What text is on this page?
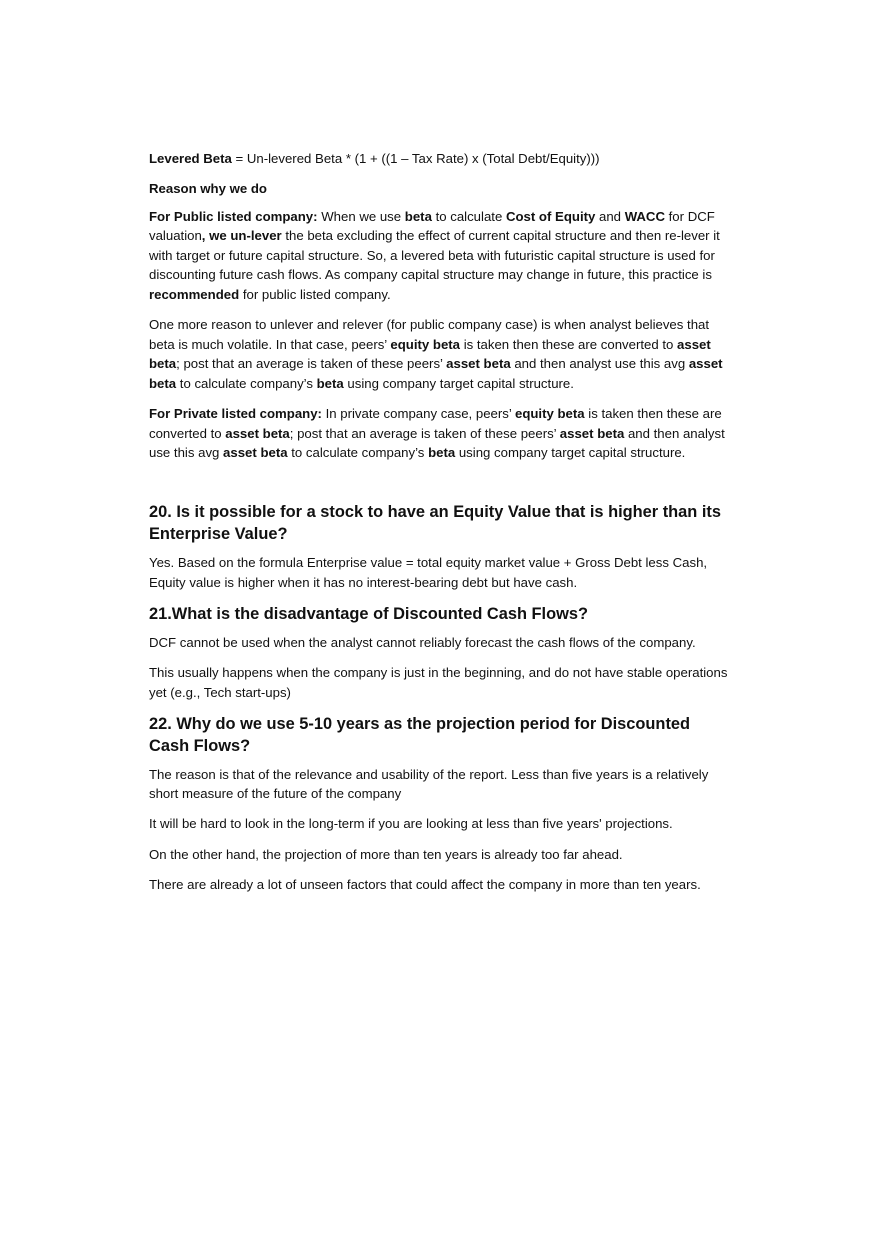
Levered Beta = Un-levered Beta * (1 + ((1 – Tax Rate) x (Total Debt/Equity)))

Reason why we do

For Public listed company: When we use beta to calculate Cost of Equity and WACC for DCF valuation, we un-lever the beta excluding the effect of current capital structure and then re-lever it with target or future capital structure. So, a levered beta with futuristic capital structure is used for discounting future cash flows. As company capital structure may change in future, this practice is recommended for public listed company.

One more reason to unlever and relever (for public company case) is when analyst believes that beta is much volatile. In that case, peers’ equity beta is taken then these are converted to asset beta; post that an average is taken of these peers’ asset beta and then analyst use this avg asset beta to calculate company’s beta using company target capital structure.

For Private listed company: In private company case, peers’ equity beta is taken then these are converted to asset beta; post that an average is taken of these peers’ asset beta and then analyst use this avg asset beta to calculate company’s beta using company target capital structure.

20. Is it possible for a stock to have an Equity Value that is higher than its Enterprise Value?

Yes. Based on the formula Enterprise value = total equity market value + Gross Debt less Cash, Equity value is higher when it has no interest-bearing debt but have cash.

21.What is the disadvantage of Discounted Cash Flows?

DCF cannot be used when the analyst cannot reliably forecast the cash flows of the company.

This usually happens when the company is just in the beginning, and do not have stable operations yet (e.g., Tech start-ups)

22. Why do we use 5-10 years as the projection period for Discounted Cash Flows?

The reason is that of the relevance and usability of the report. Less than five years is a relatively short measure of the future of the company

It will be hard to look in the long-term if you are looking at less than five years' projections.

On the other hand, the projection of more than ten years is already too far ahead.

There are already a lot of unseen factors that could affect the company in more than ten years.
